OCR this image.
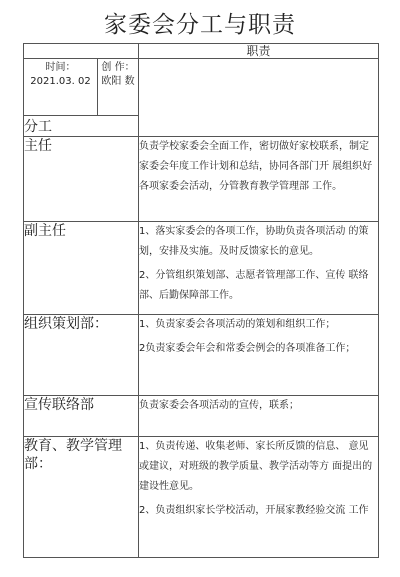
家委会分工与职责
	职责

时间：
2021.03. 02
创 作：
欧阳 数	

分工	
主任	负责学校家委会全面工作，密切做好家校联系，制定家委会年度工作计划和总结，协同各部门开 展组织好各项家委会活动，分管教育教学管理部 工作。

副主任	1、落实家委会的各项工作，协助负责各项活动 的策划，安排及实施。及时反馈家长的意见。

2、分管组织策划部、志愿者管理部工作、宣传 联络部、后勤保障部工作。

组织策划部：	1、负责家委会各项活动的策划和组织工作；

2负责家委会年会和常委会例会的各项准备工作；

宣传联络部	负责家委会各项活动的宣传，联系；

教育、教学管理 部：	1、负责传递、收集老师、家长所反馈的信息、 意见或建议，对班级的教学质量、教学活动等方 面提出的建设性意见。

2、负责组织家长学校活动，开展家教经验交流 工作
